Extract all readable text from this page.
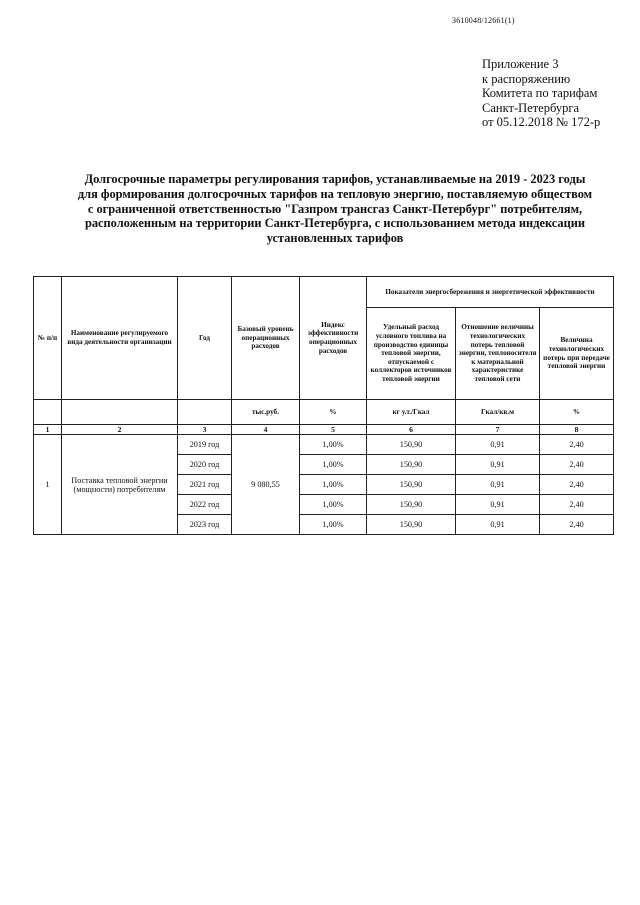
3610048/12661(1)
Приложение 3
к распоряжению
Комитета по тарифам
Санкт-Петербурга
от 05.12.2018 № 172-р
Долгосрочные параметры регулирования тарифов, устанавливаемые на 2019 - 2023 годы
для формирования долгосрочных тарифов на тепловую энергию, поставляемую обществом
с ограниченной ответственностью "Газпром трансгаз Санкт-Петербург" потребителям,
расположенным на территории Санкт-Петербурга, с использованием метода индексации
установленных тарифов
№ п/п	Наименование регулируемого вида деятельности организации	Год	Базовый уровень операционных расходов	Индекс эффективности операционных расходов	Показатели энергосбережения и энергетической эффективности		
					Удельный расход условного топлива на производство единицы тепловой энергии, отпускаемой с коллекторов источников тепловой энергии	Отношение величины технологических потерь тепловой энергии, теплоносителя к материальной характеристике тепловой сети	Величина технологических потерь при передаче тепловой энергии
			тыс.руб.	%	кг у.т./Гкал	Гкал/кв.м	%
1	2	3	4	5	6	7	8
1	Поставка тепловой энергии (мощности) потребителям	2019 год	9 080,55	1,00%	150,90	0,91	2,40
		2020 год		1,00%	150,90	0,91	2,40
		2021 год		1,00%	150,90	0,91	2,40
		2022 год		1,00%	150,90	0,91	2,40
		2023 год		1,00%	150,90	0,91	2,40
